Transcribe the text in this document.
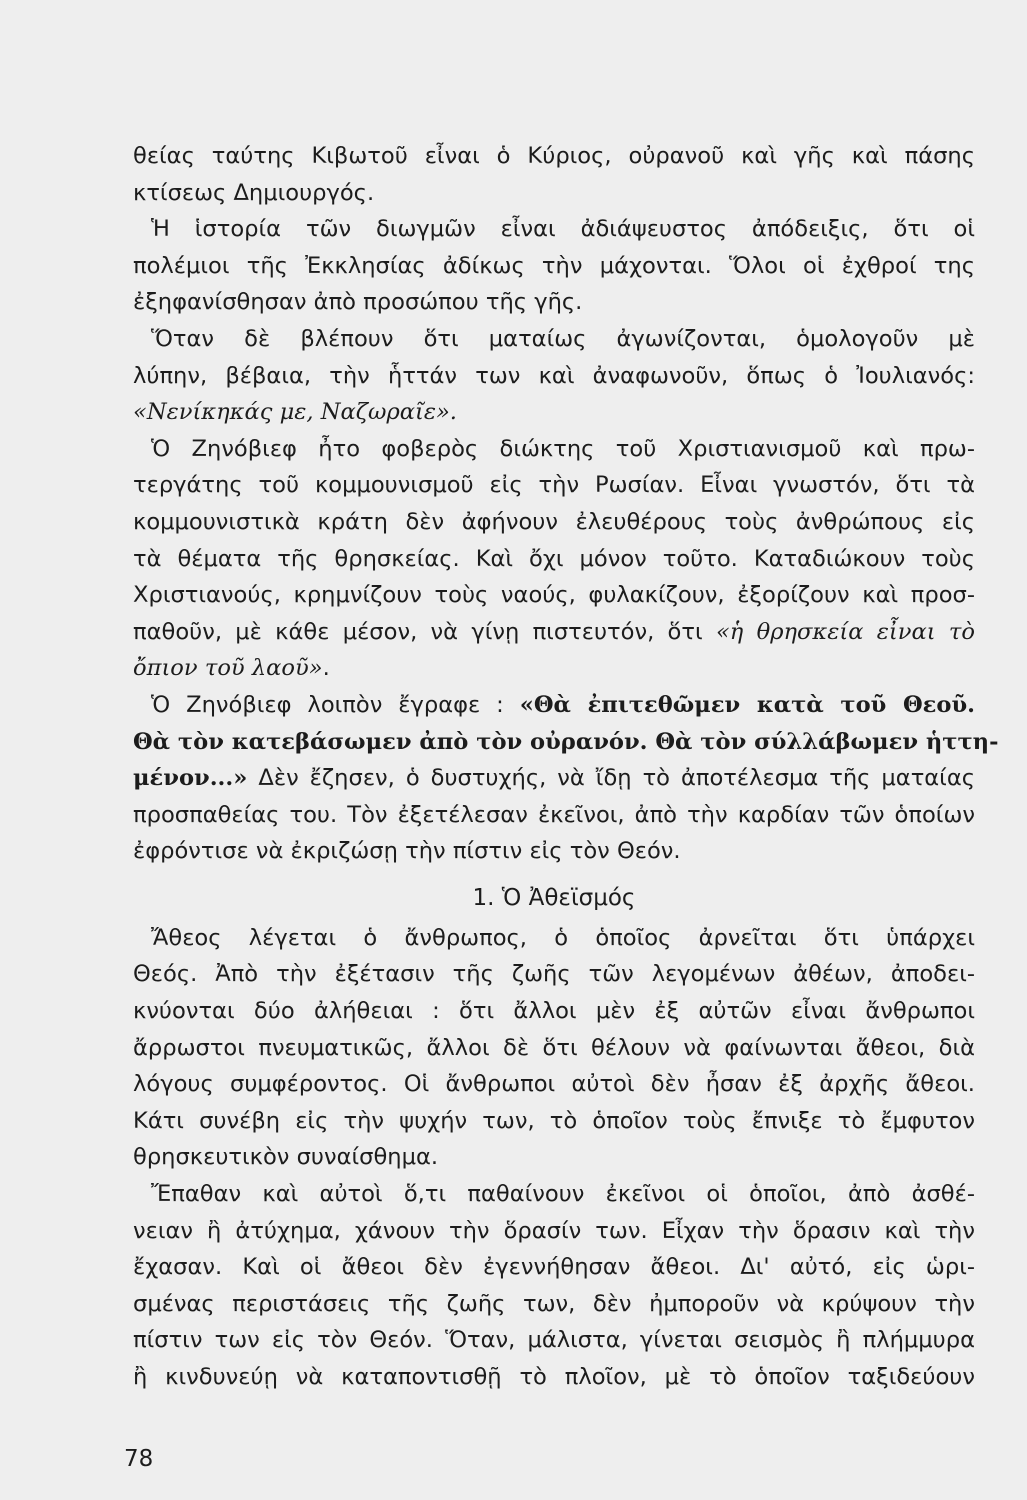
θείας ταύτης Κιβωτοῦ εἶναι ὁ Κύριος, οὐρανοῦ καὶ γῆς καὶ πάσης
κτίσεως Δημιουργός.
Ἡ ἱστορία τῶν διωγμῶν εἶναι ἀδιάψευστος ἀπόδειξις, ὅτι οἱ
πολέμιοι τῆς Ἐκκλησίας ἀδίκως τὴν μάχονται. Ὅλοι οἱ ἐχθροί της
ἐξηφανίσθησαν ἀπὸ προσώπου τῆς γῆς.
Ὅταν δὲ βλέπουν ὅτι ματαίως ἀγωνίζονται, ὁμολογοῦν μὲ
λύπην, βέβαια, τὴν ἧττάν των καὶ ἀναφωνοῦν, ὅπως ὁ Ἰουλιανός:
«Νενίκηκάς με, Ναζωραῖε».
Ὁ Ζηνόβιεφ ἦτο φοβερὸς διώκτης τοῦ Χριστιανισμοῦ καὶ πρω-
τεργάτης τοῦ κομμουνισμοῦ εἰς τὴν Ρωσίαν. Εἶναι γνωστόν, ὅτι τὰ
κομμουνιστικὰ κράτη δὲν ἀφήνουν ἐλευθέρους τοὺς ἀνθρώπους εἰς
τὰ θέματα τῆς θρησκείας. Καὶ ὄχι μόνον τοῦτο. Καταδιώκουν τοὺς
Χριστιανούς, κρημνίζουν τοὺς ναούς, φυλακίζουν, ἐξορίζουν καὶ προσ-
παθοῦν, μὲ κάθε μέσον, νὰ γίνῃ πιστευτόν, ὅτι «ἡ θρησκεία εἶναι τὸ
ὄπιον τοῦ λαοῦ».
Ὁ Ζηνόβιεφ λοιπὸν ἔγραφε : «Θὰ ἐπιτεθῶμεν κατὰ τοῦ Θεοῦ.
Θὰ τὸν κατεβάσωμεν ἀπὸ τὸν οὐρανόν. Θὰ τὸν σύλλάβωμεν ἡττη-
μένον...» Δὲν ἔζησεν, ὁ δυστυχής, νὰ ἴδῃ τὸ ἀποτέλεσμα τῆς ματαίας
προσπαθείας του. Τὸν ἐξετέλεσαν ἐκεῖνοι, ἀπὸ τὴν καρδίαν τῶν ὁποίων
ἐφρόντισε νὰ ἐκριζώσῃ τὴν πίστιν εἰς τὸν Θεόν.
1. Ὁ Ἀθεϊσμός
Ἄθεος λέγεται ὁ ἄνθρωπος, ὁ ὁποῖος ἀρνεῖται ὅτι ὑπάρχει
Θεός. Ἀπὸ τὴν ἐξέτασιν τῆς ζωῆς τῶν λεγομένων ἀθέων, ἀποδει-
κνύονται δύο ἀλήθειαι : ὅτι ἄλλοι μὲν ἐξ αὐτῶν εἶναι ἄνθρωποι
ἄρρωστοι πνευματικῶς, ἄλλοι δὲ ὅτι θέλουν νὰ φαίνωνται ἄθεοι, διὰ
λόγους συμφέροντος. Οἱ ἄνθρωποι αὐτοὶ δὲν ἦσαν ἐξ ἀρχῆς ἄθεοι.
Κάτι συνέβη εἰς τὴν ψυχήν των, τὸ ὁποῖον τοὺς ἔπνιξε τὸ ἔμφυτον
θρησκευτικὸν συναίσθημα.
Ἔπαθαν καὶ αὐτοὶ ὅ,τι παθαίνουν ἐκεῖνοι οἱ ὁποῖοι, ἀπὸ ἀσθέ-
νειαν ἢ ἀτύχημα, χάνουν τὴν ὅρασίν των. Εἶχαν τὴν ὅρασιν καὶ τὴν
ἔχασαν. Καὶ οἱ ἄθεοι δὲν ἐγεννήθησαν ἄθεοι. Δι' αὐτό, εἰς ὡρι-
σμένας περιστάσεις τῆς ζωῆς των, δὲν ἠμποροῦν νὰ κρύψουν τὴν
πίστιν των εἰς τὸν Θεόν. Ὅταν, μάλιστα, γίνεται σεισμὸς ἢ πλήμμυρα
ἢ κινδυνεύῃ νὰ καταποντισθῇ τὸ πλοῖον, μὲ τὸ ὁποῖον ταξιδεύουν
78
